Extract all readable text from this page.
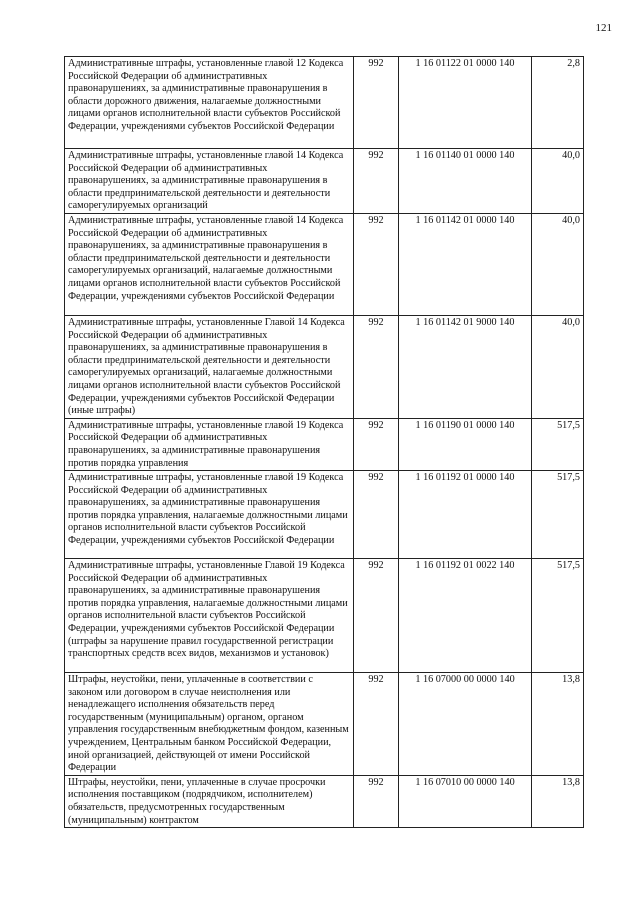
121
Административные штрафы, установленные главой 12 Кодекса Российской Федерации об административных правонарушениях, за административные правонарушения в области дорожного движения, налагаемые должностными лицами органов исполнительной власти субъектов Российской Федерации, учреждениями субъектов Российской Федерации	992	1 16 01122 01 0000 140	2,8
Административные штрафы, установленные главой 14 Кодекса Российской Федерации об административных правонарушениях, за административные правонарушения в области предпринимательской деятельности и деятельности саморегулируемых организаций	992	1 16 01140 01 0000 140	40,0
Административные штрафы, установленные главой 14 Кодекса Российской Федерации об административных правонарушениях, за административные правонарушения в области предпринимательской деятельности и деятельности саморегулируемых организаций, налагаемые должностными лицами органов исполнительной власти субъектов Российской Федерации, учреждениями субъектов Российской Федерации	992	1 16 01142 01 0000 140	40,0
Административные штрафы, установленные Главой 14 Кодекса Российской Федерации об административных правонарушениях, за административные правонарушения в области предпринимательской деятельности и деятельности саморегулируемых организаций, налагаемые должностными лицами органов исполнительной власти субъектов Российской Федерации, учреждениями субъектов Российской Федерации (иные штрафы)	992	1 16 01142 01 9000 140	40,0
Административные штрафы, установленные главой 19 Кодекса Российской Федерации об административных правонарушениях, за административные правонарушения против порядка управления	992	1 16 01190 01 0000 140	517,5
Административные штрафы, установленные главой 19 Кодекса Российской Федерации об административных правонарушениях, за административные правонарушения против порядка управления, налагаемые должностными лицами органов исполнительной власти субъектов Российской Федерации, учреждениями субъектов Российской Федерации	992	1 16 01192 01 0000 140	517,5
Административные штрафы, установленные Главой 19 Кодекса Российской Федерации об административных правонарушениях, за административные правонарушения против порядка управления, налагаемые должностными лицами органов исполнительной власти субъектов Российской Федерации, учреждениями субъектов Российской Федерации (штрафы за нарушение правил государственной регистрации транспортных средств всех видов, механизмов и установок)	992	1 16 01192 01 0022 140	517,5
Штрафы, неустойки, пени, уплаченные в соответствии с законом или договором в случае неисполнения или ненадлежащего исполнения обязательств перед государственным (муниципальным) органом, органом управления государственным внебюджетным фондом, казенным учреждением, Центральным банком Российской Федерации, иной организацией, действующей от имени Российской Федерации	992	1 16 07000 00 0000 140	13,8
Штрафы, неустойки, пени, уплаченные в случае просрочки исполнения поставщиком (подрядчиком, исполнителем) обязательств, предусмотренных государственным (муниципальным) контрактом	992	1 16 07010 00 0000 140	13,8
